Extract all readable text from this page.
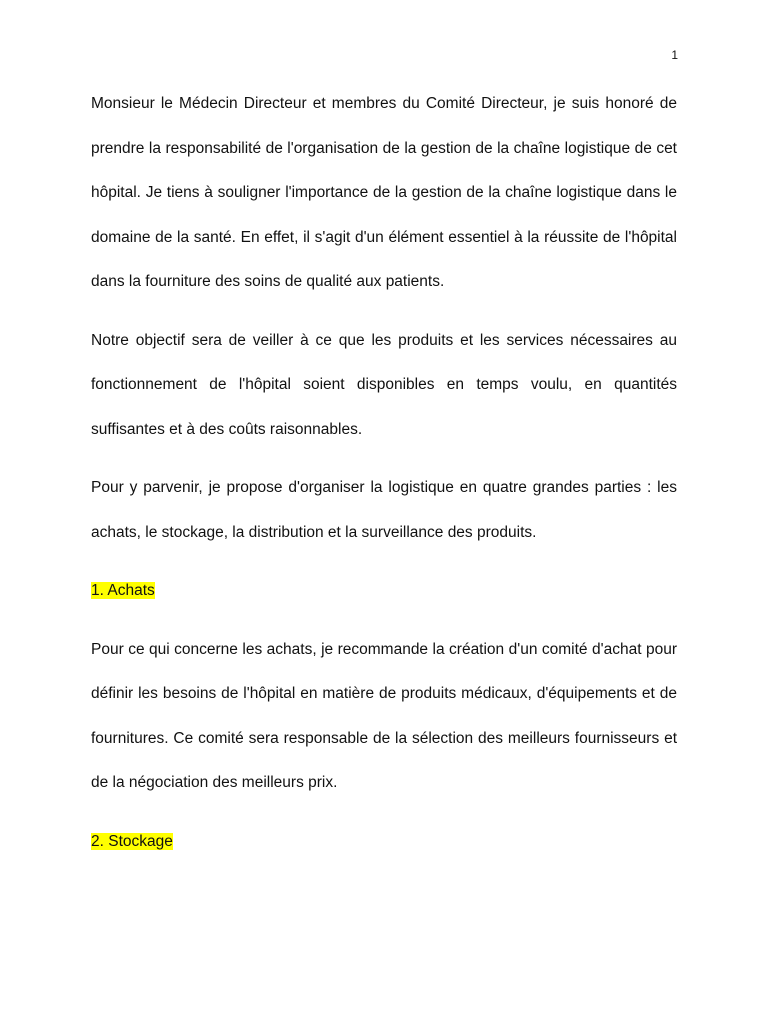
1

Monsieur le Médecin Directeur et membres du Comité Directeur, je suis honoré de prendre la responsabilité de l'organisation de la gestion de la chaîne logistique de cet hôpital. Je tiens à souligner l'importance de la gestion de la chaîne logistique dans le domaine de la santé. En effet, il s'agit d'un élément essentiel à la réussite de l'hôpital dans la fourniture des soins de qualité aux patients.

Notre objectif sera de veiller à ce que les produits et les services nécessaires au fonctionnement de l'hôpital soient disponibles en temps voulu, en quantités suffisantes et à des coûts raisonnables.

Pour y parvenir, je propose d'organiser la logistique en quatre grandes parties : les achats, le stockage, la distribution et la surveillance des produits.

1. Achats

Pour ce qui concerne les achats, je recommande la création d'un comité d'achat pour définir les besoins de l'hôpital en matière de produits médicaux, d'équipements et de fournitures. Ce comité sera responsable de la sélection des meilleurs fournisseurs et de la négociation des meilleurs prix.

2. Stockage
